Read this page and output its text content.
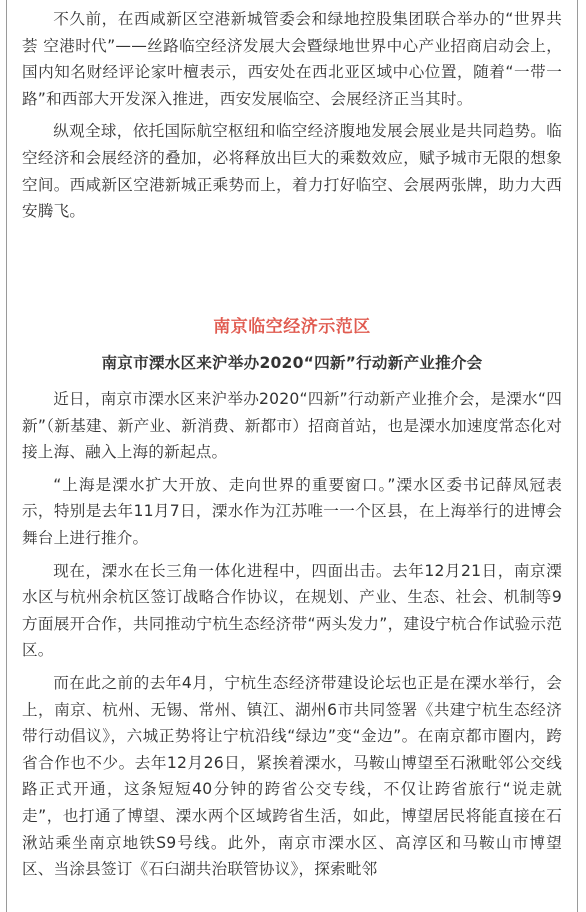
不久前，在西咸新区空港新城管委会和绿地控股集团联合举办的“世界共荟 空港时代”——丝路临空经济发展大会暨绿地世界中心产业招商启动会上，国内知名财经评论家叶檀表示，西安处在西北亚区域中心位置，随着“一带一路”和西部大开发深入推进，西安发展临空、会展经济正当其时。

纵观全球，依托国际航空枢纽和临空经济腹地发展会展业是共同趋势。临空经济和会展经济的叠加，必将释放出巨大的乘数效应，赋予城市无限的想象空间。西咸新区空港新城正乘势而上，着力打好临空、会展两张牌，助力大西安腾飞。

南京临空经济示范区
南京市溧水区来沪举办2020“四新”行动新产业推介会

近日，南京市溧水区来沪举办2020“四新”行动新产业推介会，是溧水“四新”（新基建、新产业、新消费、新都市）招商首站，也是溧水加速度常态化对接上海、融入上海的新起点。

“上海是溧水扩大开放、走向世界的重要窗口。”溧水区委书记薛凤冠表示，特别是去年11月7日，溧水作为江苏唯一一个区县，在上海举行的进博会舞台上进行推介。

现在，溧水在长三角一体化进程中，四面出击。去年12月21日，南京溧水区与杭州余杭区签订战略合作协议，在规划、产业、生态、社会、机制等9方面展开合作，共同推动宁杭生态经济带“两头发力”，建设宁杭合作试验示范区。

而在此之前的去年4月，宁杭生态经济带建设论坛也正是在溧水举行，会上，南京、杭州、无锡、常州、镇江、湖州6市共同签署《共建宁杭生态经济带行动倡议》，六城正势将让宁杭沿线“绿边”变“金边”。在南京都市圈内，跨省合作也不少。去年12月26日，紧挨着溧水，马鞍山博望至石湫毗邻公交线路正式开通，这条短短40分钟的跨省公交专线，不仅让跨省旅行“说走就走”，也打通了博望、溧水两个区域跨省生活，如此，博望居民将能直接在石湫站乘坐南京地铁S9号线。此外，南京市溧水区、高淳区和马鞍山市博望区、当涂县签订《石臼湖共治联管协议》，探索毗邻
